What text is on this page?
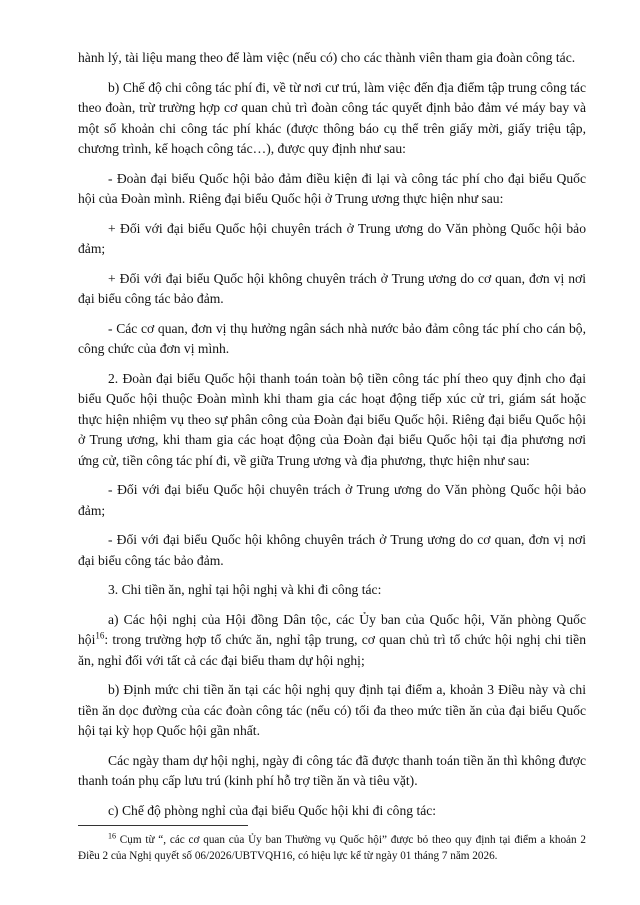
hành lý, tài liệu mang theo để làm việc (nếu có) cho các thành viên tham gia đoàn công tác.

b) Chế độ chi công tác phí đi, về từ nơi cư trú, làm việc đến địa điểm tập trung công tác theo đoàn, trừ trường hợp cơ quan chủ trì đoàn công tác quyết định bảo đảm vé máy bay và một số khoản chi công tác phí khác (được thông báo cụ thể trên giấy mời, giấy triệu tập, chương trình, kế hoạch công tác…), được quy định như sau:

- Đoàn đại biểu Quốc hội bảo đảm điều kiện đi lại và công tác phí cho đại biểu Quốc hội của Đoàn mình. Riêng đại biểu Quốc hội ở Trung ương thực hiện như sau:

+ Đối với đại biểu Quốc hội chuyên trách ở Trung ương do Văn phòng Quốc hội bảo đảm;

+ Đối với đại biểu Quốc hội không chuyên trách ở Trung ương do cơ quan, đơn vị nơi đại biểu công tác bảo đảm.

- Các cơ quan, đơn vị thụ hưởng ngân sách nhà nước bảo đảm công tác phí cho cán bộ, công chức của đơn vị mình.

2. Đoàn đại biểu Quốc hội thanh toán toàn bộ tiền công tác phí theo quy định cho đại biểu Quốc hội thuộc Đoàn mình khi tham gia các hoạt động tiếp xúc cử tri, giám sát hoặc thực hiện nhiệm vụ theo sự phân công của Đoàn đại biểu Quốc hội. Riêng đại biểu Quốc hội ở Trung ương, khi tham gia các hoạt động của Đoàn đại biểu Quốc hội tại địa phương nơi ứng cử, tiền công tác phí đi, về giữa Trung ương và địa phương, thực hiện như sau:

- Đối với đại biểu Quốc hội chuyên trách ở Trung ương do Văn phòng Quốc hội bảo đảm;

- Đối với đại biểu Quốc hội không chuyên trách ở Trung ương do cơ quan, đơn vị nơi đại biểu công tác bảo đảm.

3. Chi tiền ăn, nghỉ tại hội nghị và khi đi công tác:

a) Các hội nghị của Hội đồng Dân tộc, các Ủy ban của Quốc hội, Văn phòng Quốc hội$^{16}$: trong trường hợp tổ chức ăn, nghỉ tập trung, cơ quan chủ trì tổ chức hội nghị chi tiền ăn, nghỉ đối với tất cả các đại biểu tham dự hội nghị;

b) Định mức chi tiền ăn tại các hội nghị quy định tại điểm a, khoản 3 Điều này và chi tiền ăn dọc đường của các đoàn công tác (nếu có) tối đa theo mức tiền ăn của đại biểu Quốc hội tại kỳ họp Quốc hội gần nhất.

Các ngày tham dự hội nghị, ngày đi công tác đã được thanh toán tiền ăn thì không được thanh toán phụ cấp lưu trú (kinh phí hỗ trợ tiền ăn và tiêu vặt).

c) Chế độ phòng nghỉ của đại biểu Quốc hội khi đi công tác:

$^{16}$ Cụm từ “, các cơ quan của Ủy ban Thường vụ Quốc hội” được bỏ theo quy định tại điểm a khoản 2 Điều 2 của Nghị quyết số 06/2026/UBTVQH16, có hiệu lực kể từ ngày 01 tháng 7 năm 2026.
